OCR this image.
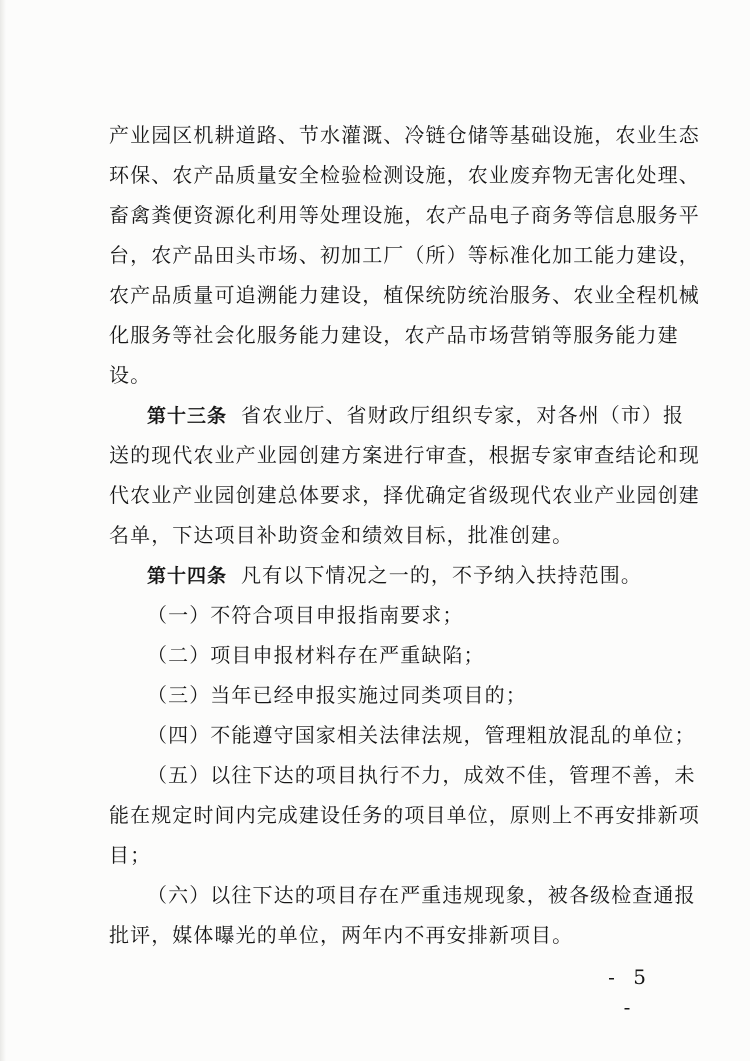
产业园区机耕道路、节水灌溉、冷链仓储等基础设施，农业生态
环保、农产品质量安全检验检测设施，农业废弃物无害化处理、
畜禽粪便资源化利用等处理设施，农产品电子商务等信息服务平
台，农产品田头市场、初加工厂（所）等标准化加工能力建设，
农产品质量可追溯能力建设，植保统防统治服务、农业全程机械
化服务等社会化服务能力建设，农产品市场营销等服务能力建
设。
第十三条 省农业厅、省财政厅组织专家，对各州（市）报
送的现代农业产业园创建方案进行审查，根据专家审查结论和现
代农业产业园创建总体要求，择优确定省级现代农业产业园创建
名单，下达项目补助资金和绩效目标，批准创建。
第十四条 凡有以下情况之一的，不予纳入扶持范围。
（一）不符合项目申报指南要求；
（二）项目申报材料存在严重缺陷；
（三）当年已经申报实施过同类项目的；
（四）不能遵守国家相关法律法规，管理粗放混乱的单位；
（五）以往下达的项目执行不力，成效不佳，管理不善，未
能在规定时间内完成建设任务的项目单位，原则上不再安排新项
目；
（六）以往下达的项目存在严重违规现象，被各级检查通报
批评，媒体曝光的单位，两年内不再安排新项目。
- 5 -
